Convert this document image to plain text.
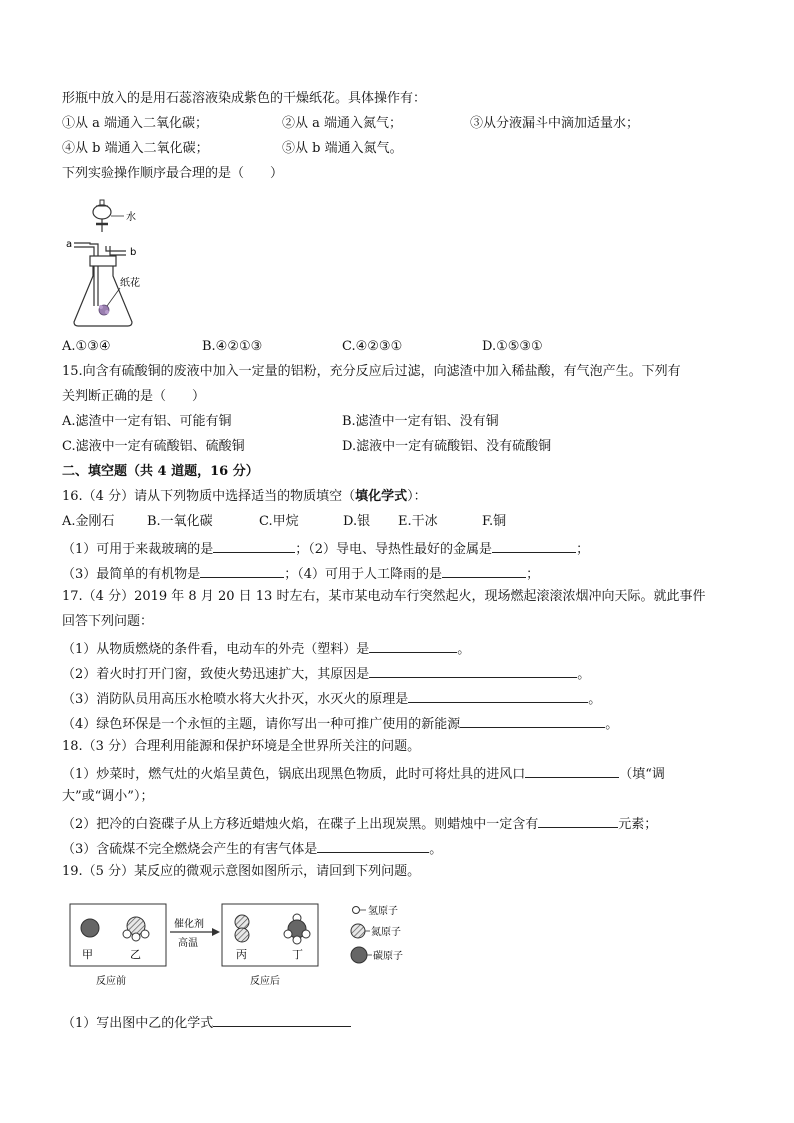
形瓶中放入的是用石蕊溶液染成紫色的干燥纸花。具体操作有：
①从 a 端通入二氧化碳；	②从 a 端通入氮气；	③从分液漏斗中滴加适量水；
④从 b 端通入二氧化碳；	⑤从 b 端通入氮气。
下列实验操作顺序最合理的是（　　）
水
a
b
纸花
A.①③④	B.④②①③	C.④②③①	D.①⑤③①
15.向含有硫酸铜的废液中加入一定量的铝粉，充分反应后过滤，向滤渣中加入稀盐酸，有气泡产生。下列有
关判断正确的是（　　）
A.滤渣中一定有铝、可能有铜	B.滤渣中一定有铝、没有铜
C.滤液中一定有硫酸铝、硫酸铜	D.滤液中一定有硫酸铝、没有硫酸铜
二、填空题（共 4 道题，16 分）
16.（4 分）请从下列物质中选择适当的物质填空（填化学式）：
A.金刚石 B.一氧化碳	C.甲烷	D.银 E.干冰	F.铜
（1）可用于来裁玻璃的是	；（2）导电、导热性最好的金属是	；
（3）最简单的有机物是	；（4）可用于人工降雨的是	；
17.（4 分）2019 年 8 月 20 日 13 时左右，某市某电动车行突然起火，现场燃起滚滚浓烟冲向天际。就此事件
回答下列问题：
（1）从物质燃烧的条件看，电动车的外壳（塑料）是	。
（2）着火时打开门窗，致使火势迅速扩大，其原因是	。
（3）消防队员用高压水枪喷水将大火扑灭，水灭火的原理是	。
（4）绿色环保是一个永恒的主题，请你写出一种可推广使用的新能源	。
18.（3 分）合理利用能源和保护环境是全世界所关注的问题。
（1）炒菜时，燃气灶的火焰呈黄色，锅底出现黑色物质，此时可将灶具的进风口	（填“调
大”或“调小”）；
（2）把冷的白瓷碟子从上方移近蜡烛火焰，在碟子上出现炭黑。则蜡烛中一定含有	元素；
（3）含硫煤不完全燃烧会产生的有害气体是	。
19.（5 分）某反应的微观示意图如图所示，请回到下列问题。
甲	乙
反应前
催化剂
高温
丙	丁
反应后
氢原子
氮原子
碳原子
（1）写出图中乙的化学式
